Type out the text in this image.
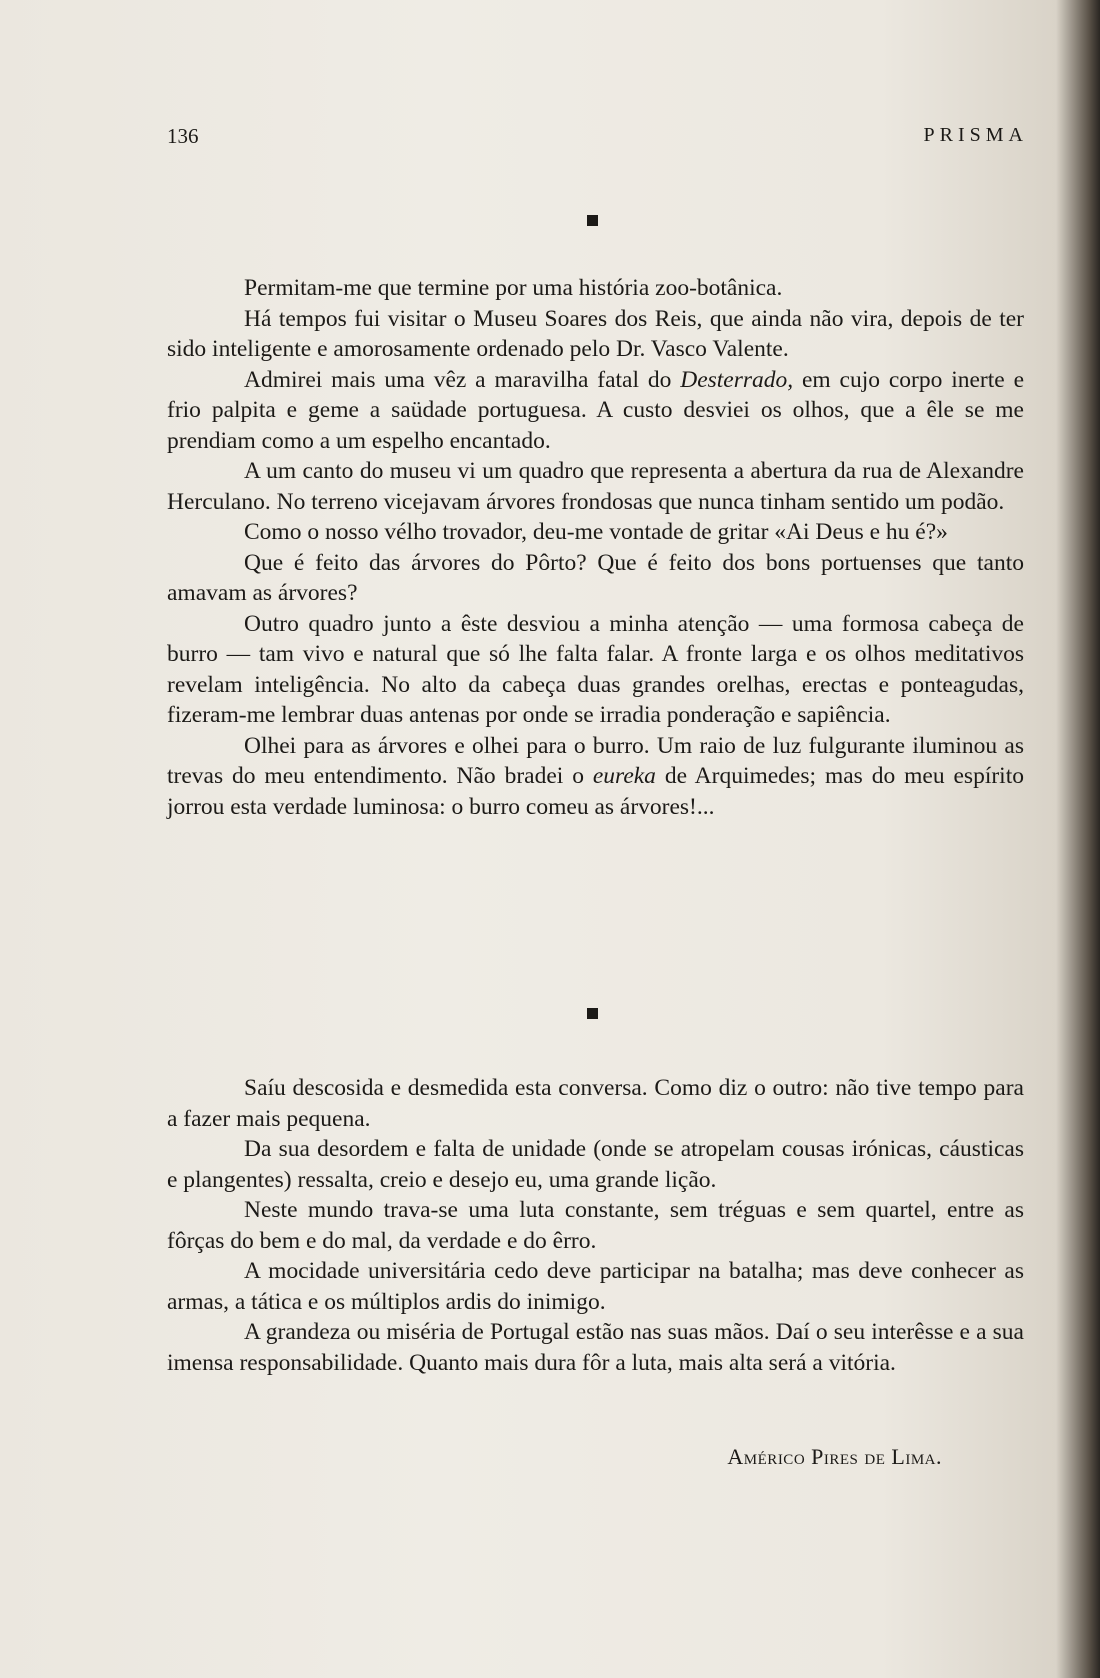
136	PRISMA

Permitam-me que termine por uma história zoo-botânica.

Há tempos fui visitar o Museu Soares dos Reis, que ainda não vira, depois de ter sido inteligente e amorosamente ordenado pelo Dr. Vasco Valente.

Admirei mais uma vêz a maravilha fatal do Desterrado, em cujo corpo inerte e frio palpita e geme a saüdade portuguesa. A custo desviei os olhos, que a êle se me prendiam como a um espelho encantado.

A um canto do museu vi um quadro que representa a abertura da rua de Alexandre Herculano. No terreno vicejavam árvores frondosas que nunca tinham sentido um podão.

Como o nosso vélho trovador, deu-me vontade de gritar «Ai Deus e hu é?»

Que é feito das árvores do Pôrto? Que é feito dos bons portuenses que tanto amavam as árvores?

Outro quadro junto a êste desviou a minha atenção — uma formosa cabeça de burro — tam vivo e natural que só lhe falta falar. A fronte larga e os olhos meditativos revelam inteligência. No alto da cabeça duas grandes orelhas, erectas e ponteagudas, fizeram-me lembrar duas antenas por onde se irradia ponderação e sapiência.

Olhei para as árvores e olhei para o burro. Um raio de luz fulgurante iluminou as trevas do meu entendimento. Não bradei o eureka de Arquimedes; mas do meu espírito jorrou esta verdade luminosa: o burro comeu as árvores!...

Saíu descosida e desmedida esta conversa. Como diz o outro: não tive tempo para a fazer mais pequena.

Da sua desordem e falta de unidade (onde se atropelam cousas irónicas, cáusticas e plangentes) ressalta, creio e desejo eu, uma grande lição.

Neste mundo trava-se uma luta constante, sem tréguas e sem quartel, entre as fôrças do bem e do mal, da verdade e do êrro.

A mocidade universitária cedo deve participar na batalha; mas deve conhecer as armas, a tática e os múltiplos ardis do inimigo.

A grandeza ou miséria de Portugal estão nas suas mãos. Daí o seu interêsse e a sua imensa responsabilidade. Quanto mais dura fôr a luta, mais alta será a vitória.

Américo Pires de Lima.
